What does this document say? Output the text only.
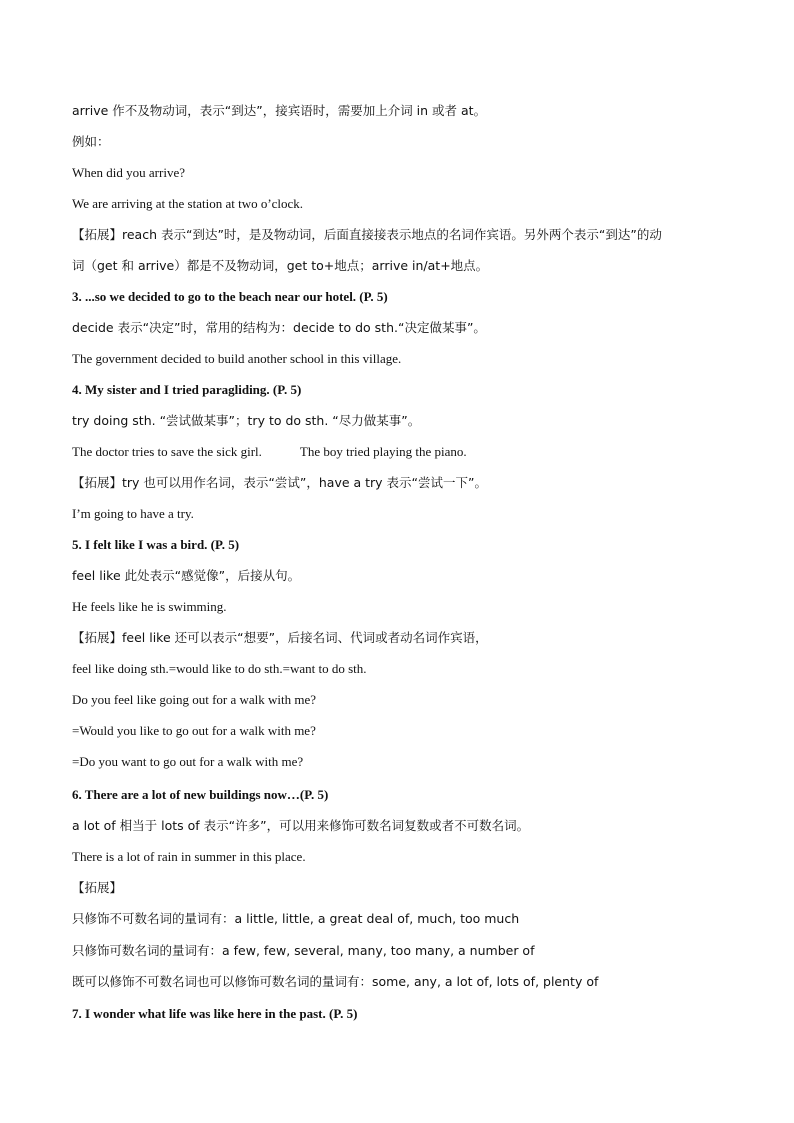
arrive 作不及物动词，表示“到达”，接宾语时，需要加上介词 in 或者 at。
例如：
When did you arrive?
We are arriving at the station at two o’clock.
【拓展】reach 表示“到达”时，是及物动词，后面直接接表示地点的名词作宾语。另外两个表示“到达”的动
词（get 和 arrive）都是不及物动词，get to+地点；arrive in/at+地点。
3. ...so we decided to go to the beach near our hotel. (P. 5)
decide 表示“决定”时，常用的结构为：decide to do sth.“决定做某事”。
The government decided to build another school in this village.
4. My sister and I tried paragliding. (P. 5)
try doing sth. “尝试做某事”；try to do sth. “尽力做某事”。
The doctor tries to save the sick girl.	The boy tried playing the piano.
【拓展】try 也可以用作名词，表示“尝试”，have a try 表示“尝试一下”。
I’m going to have a try.
5. I felt like I was a bird. (P. 5)
feel like 此处表示“感觉像”，后接从句。
He feels like he is swimming.
【拓展】feel like 还可以表示“想要”，后接名词、代词或者动名词作宾语，
feel like doing sth.=would like to do sth.=want to do sth.
Do you feel like going out for a walk with me?
=Would you like to go out for a walk with me?
=Do you want to go out for a walk with me?
6. There are a lot of new buildings now…(P. 5)
a lot of 相当于 lots of 表示“许多”，可以用来修饰可数名词复数或者不可数名词。
There is a lot of rain in summer in this place.
【拓展】
只修饰不可数名词的量词有：a little, little, a great deal of, much, too much
只修饰可数名词的量词有：a few, few, several, many, too many, a number of
既可以修饰不可数名词也可以修饰可数名词的量词有：some, any, a lot of, lots of, plenty of
7. I wonder what life was like here in the past. (P. 5)
